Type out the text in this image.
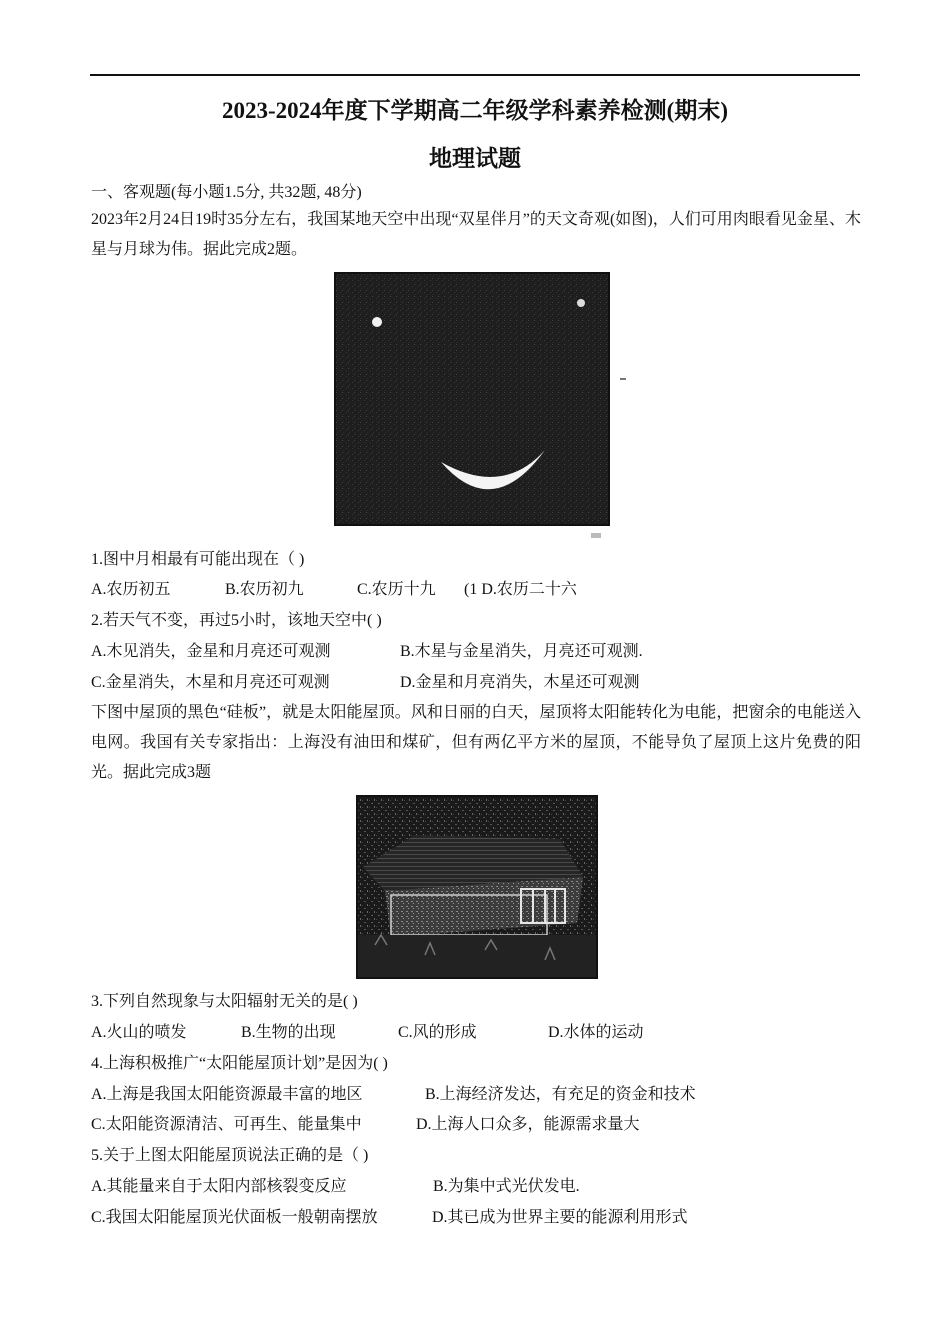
2023-2024年度下学期高二年级学科素养检测(期末)
地理试题
一、客观题(每小题1.5分, 共32题, 48分)
2023年2月24日19时35分左右，我国某地天空中出现“双星伴月”的天文奇观(如图)，人们可用肉眼看见金星、木星与月球为伟。据此完成2题。
1.图中月相最有可能出现在（ )
A.农历初五	B.农历初九	C.农历十九 (1 D.农历二十六
2.若天气不变，再过5小时，该地天空中( )
A.木见消失，金星和月亮还可观测	B.木星与金星消失，月亮还可观测.
C.金星消失，木星和月亮还可观测	D.金星和月亮消失，木星还可观测
下图中屋顶的黑色“硅板”，就是太阳能屋顶。风和日丽的白天，屋顶将太阳能转化为电能，把窗余的电能送入电网。我国有关专家指出：上海没有油田和煤矿，但有两亿平方米的屋顶，不能导负了屋顶上这片免费的阳光。据此完成3题
3.下列自然现象与太阳辐射无关的是( )
A.火山的喷发	B.生物的出现	C.风的形成	D.水体的运动
4.上海积极推广“太阳能屋顶计划”是因为( )
A.上海是我国太阳能资源最丰富的地区	B.上海经济发达，有充足的资金和技术
C.太阳能资源清洁、可再生、能量集中	D.上海人口众多，能源需求量大
5.关于上图太阳能屋顶说法正确的是（ )
A.其能量来自于太阳内部核裂变反应	B.为集中式光伏发电.
C.我国太阳能屋顶光伏面板一般朝南摆放	D.其已成为世界主要的能源利用形式
